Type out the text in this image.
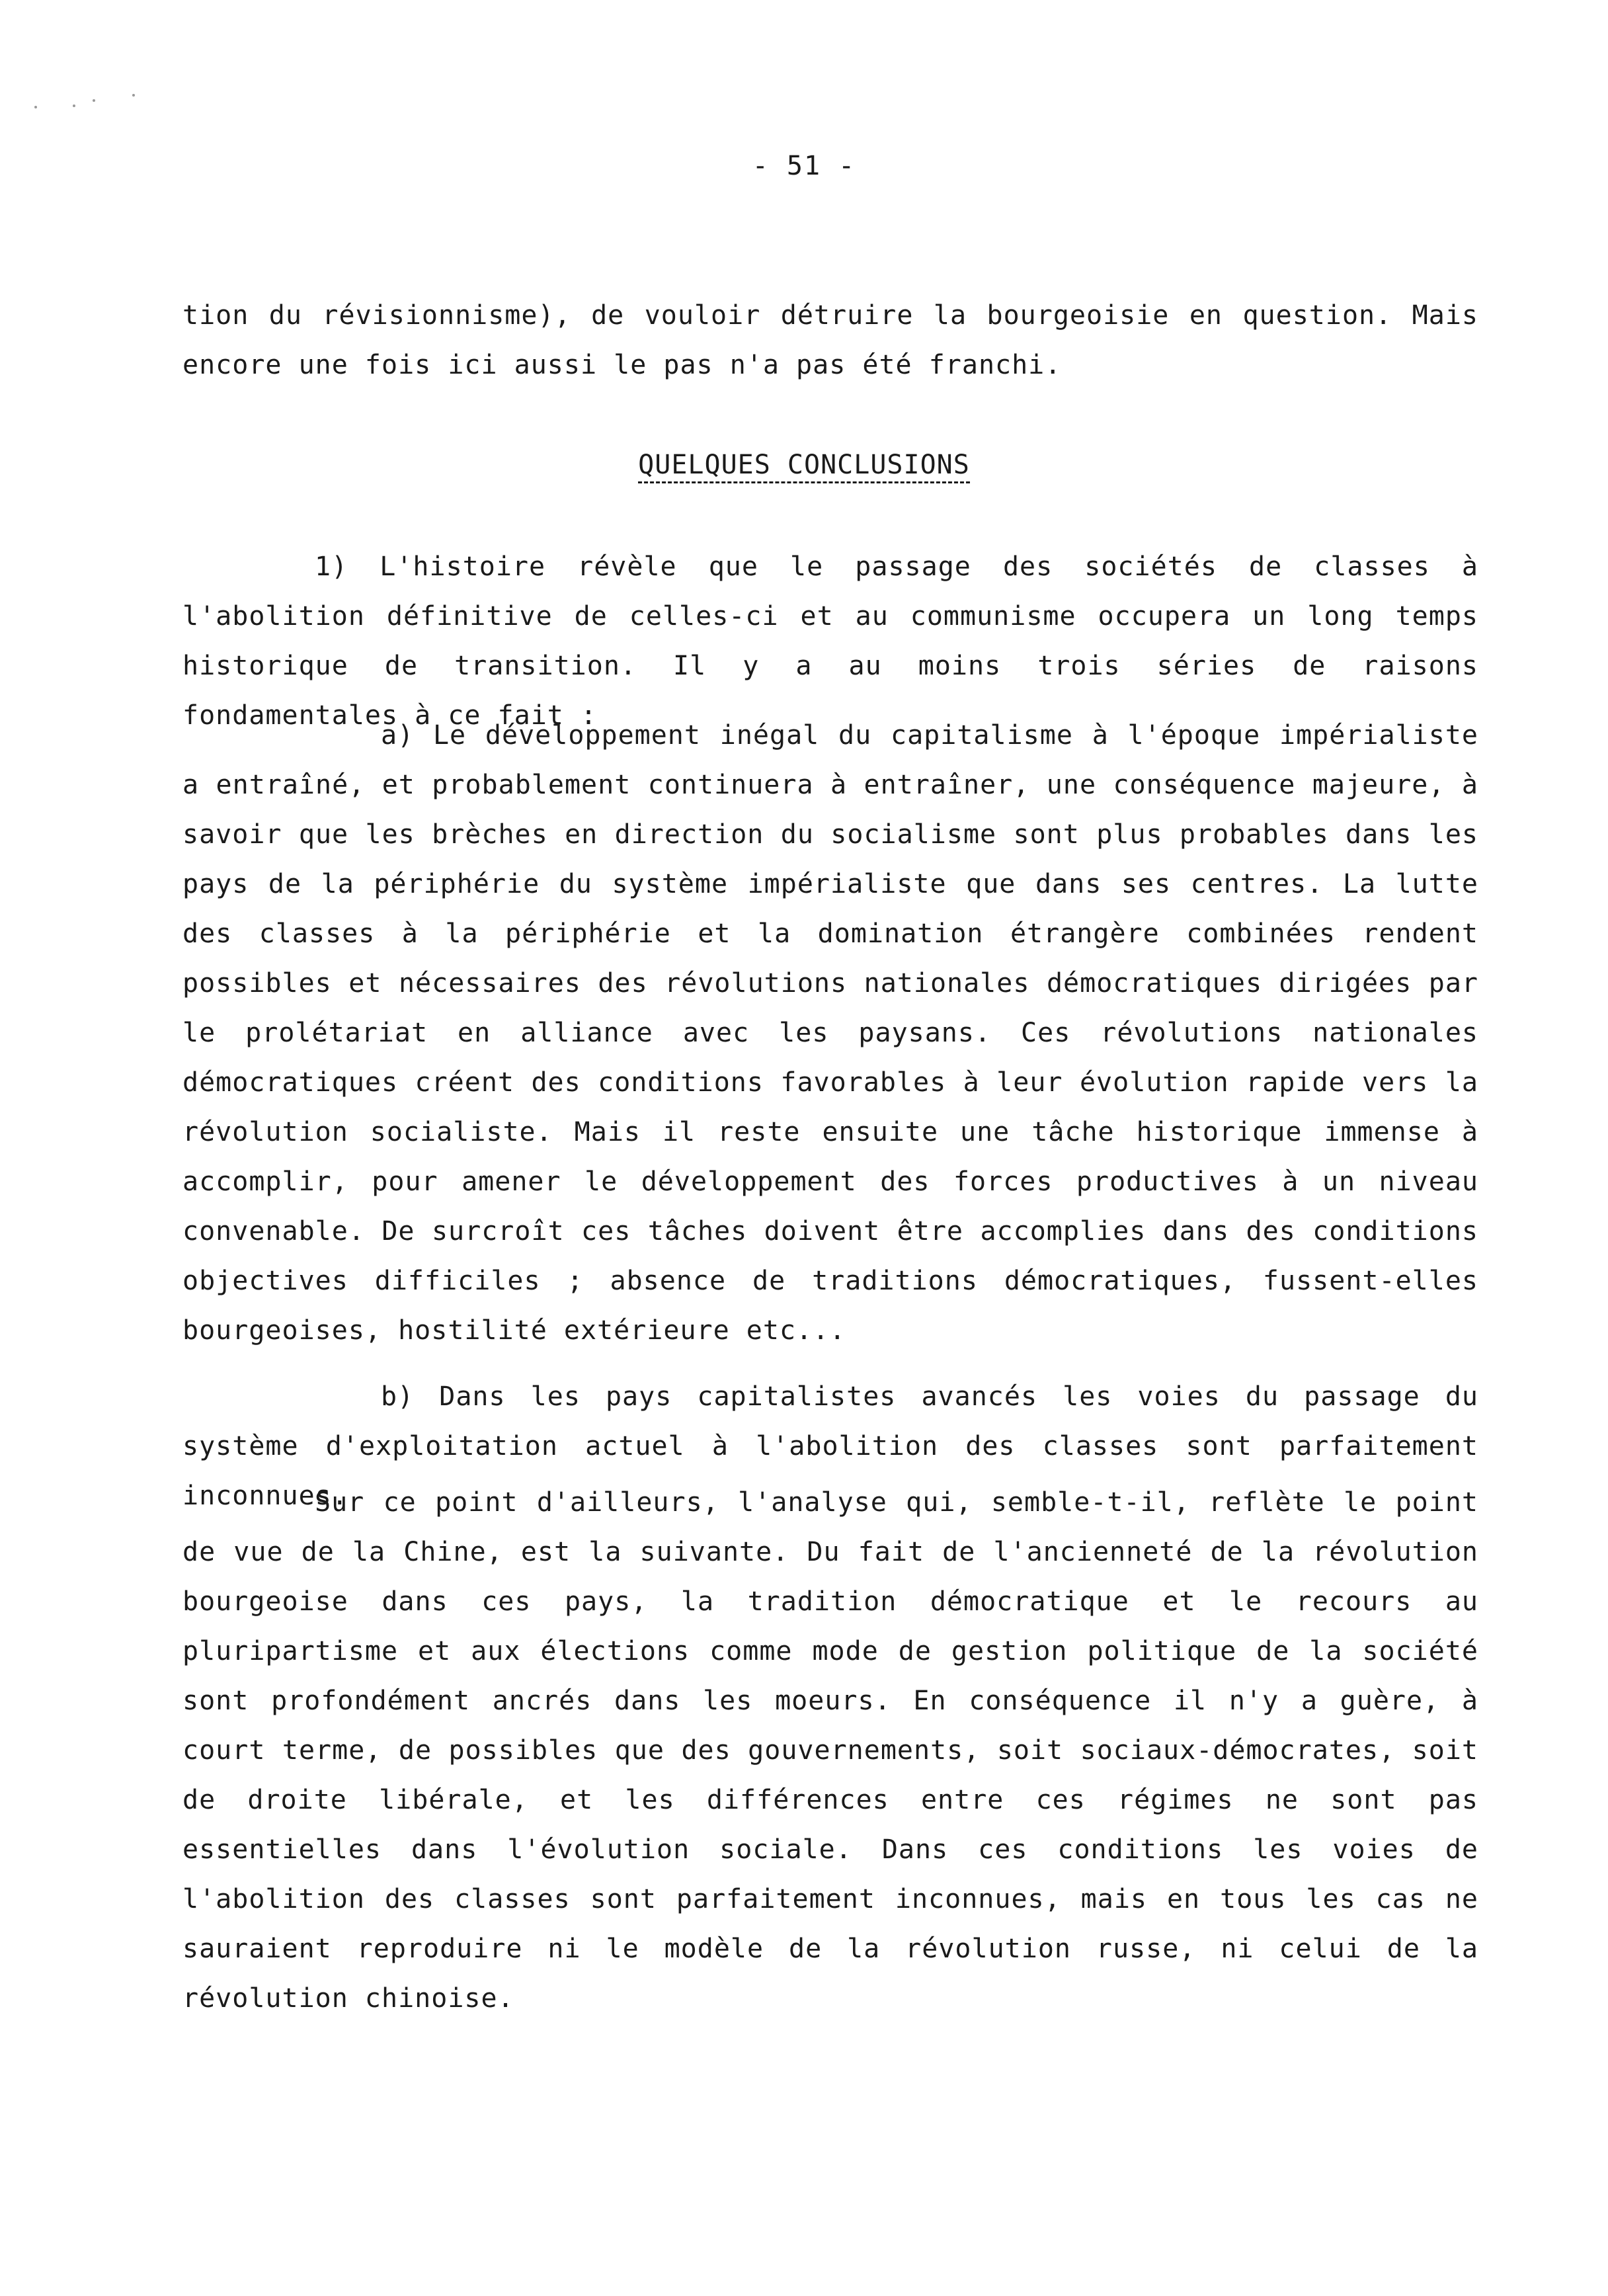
- 51 -
tion du révisionnisme), de vouloir détruire la bourgeoisie en question. Mais encore une fois ici aussi le pas n'a pas été franchi.
QUELQUES CONCLUSIONS
1) L'histoire révèle que le passage des sociétés de classes à l'abolition définitive de celles-ci et au communisme occupera un long temps historique de transition. Il y a au moins trois séries de raisons fondamentales à ce fait :
a) Le développement inégal du capitalisme à l'époque impérialiste a entraîné, et probablement continuera à entraîner, une conséquence majeure, à savoir que les brèches en direction du socialisme sont plus probables dans les pays de la périphérie du système impérialiste que dans ses centres. La lutte des classes à la périphérie et la domination étrangère combinées rendent possibles et nécessaires des révolutions nationales démocratiques dirigées par le prolétariat en alliance avec les paysans. Ces révolutions nationales démocratiques créent des conditions favorables à leur évolution rapide vers la révolution socialiste. Mais il reste ensuite une tâche historique immense à accomplir, pour amener le développement des forces productives à un niveau convenable. De surcroît ces tâches doivent être accomplies dans des conditions objectives difficiles ; absence de traditions démocratiques, fussent-elles bourgeoises, hostilité extérieure etc...
b) Dans les pays capitalistes avancés les voies du passage du système d'exploitation actuel à l'abolition des classes sont parfaitement inconnues.
Sur ce point d'ailleurs, l'analyse qui, semble-t-il, reflète le point de vue de la Chine, est la suivante. Du fait de l'ancienneté de la révolution bourgeoise dans ces pays, la tradition démocratique et le recours au pluripartisme et aux élections comme mode de gestion politique de la société sont profondément ancrés dans les moeurs. En conséquence il n'y a guère, à court terme, de possibles que des gouvernements, soit sociaux-démocrates, soit de droite libérale, et les différences entre ces régimes ne sont pas essentielles dans l'évolution sociale. Dans ces conditions les voies de l'abolition des classes sont parfaitement inconnues, mais en tous les cas ne sauraient reproduire ni le modèle de la révolution russe, ni celui de la révolution chinoise.
